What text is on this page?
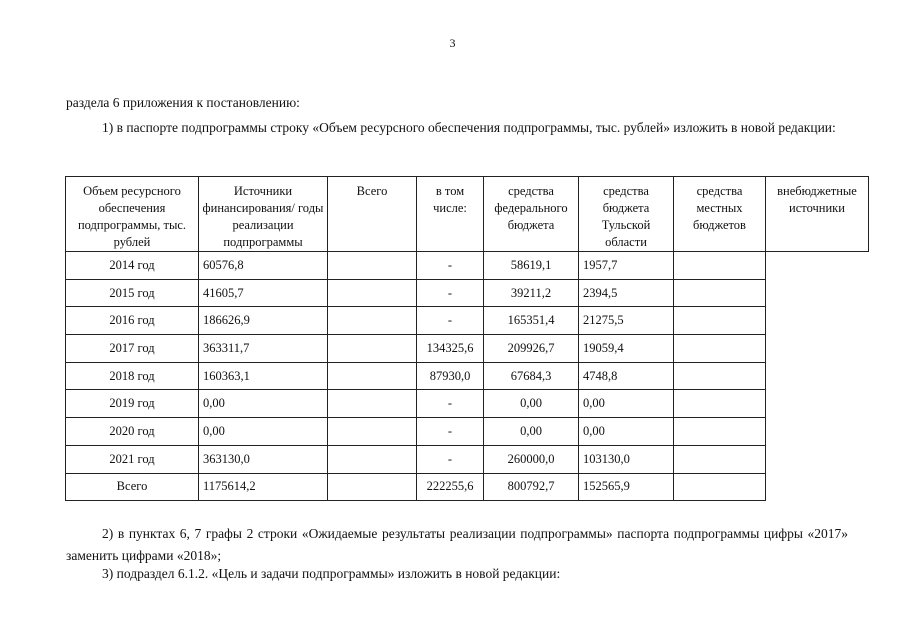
3
раздела 6 приложения к постановлению:
1) в паспорте подпрограммы строку «Объем ресурсного обеспечения подпрограммы, тыс. рублей» изложить в новой редакции:
Объем ресурсного обеспечения подпрограммы, тыс. рублей	Источники финансирования/ годы реализации подпрограммы	Всего	в том числе:	средства федерального бюджета	средства бюджета Тульской области	средства местных бюджетов	внебюджетные источники
2014 год	60576,8		-	58619,1	1957,7		
2015 год	41605,7		-	39211,2	2394,5		
2016 год	186626,9		-	165351,4	21275,5		
2017 год	363311,7		134325,6	209926,7	19059,4		
2018 год	160363,1		87930,0	67684,3	4748,8		
2019 год	0,00		-	0,00	0,00		
2020 год	0,00		-	0,00	0,00		
2021 год	363130,0		-	260000,0	103130,0		
Всего	1175614,2		222255,6	800792,7	152565,9		
2) в пунктах 6, 7 графы 2 строки «Ожидаемые результаты реализации подпрограммы» паспорта подпрограммы цифры «2017» заменить цифрами «2018»;
3) подраздел 6.1.2. «Цель и задачи подпрограммы» изложить в новой редакции:
